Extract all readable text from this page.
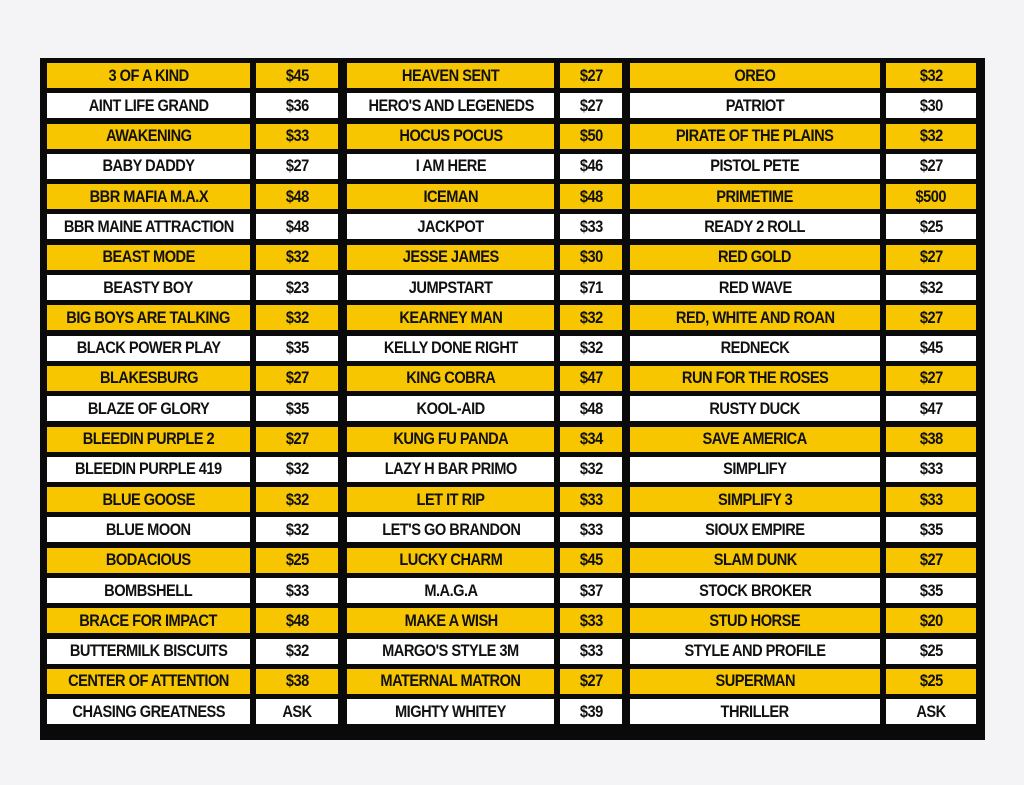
3 OF A KIND	$45
AINT LIFE GRAND	$36
AWAKENING	$33
BABY DADDY	$27
BBR MAFIA M.A.X	$48
BBR MAINE ATTRACTION	$48
BEAST MODE	$32
BEASTY BOY	$23
BIG BOYS ARE TALKING	$32
BLACK POWER PLAY	$35
BLAKESBURG	$27
BLAZE OF GLORY	$35
BLEEDIN PURPLE 2	$27
BLEEDIN PURPLE 419	$32
BLUE GOOSE	$32
BLUE MOON	$32
BODACIOUS	$25
BOMBSHELL	$33
BRACE FOR IMPACT	$48
BUTTERMILK BISCUITS	$32
CENTER OF ATTENTION	$38
CHASING GREATNESS	ASK
HEAVEN SENT	$27
HERO'S AND LEGENEDS	$27
HOCUS POCUS	$50
I AM HERE	$46
ICEMAN	$48
JACKPOT	$33
JESSE JAMES	$30
JUMPSTART	$71
KEARNEY MAN	$32
KELLY DONE RIGHT	$32
KING COBRA	$47
KOOL-AID	$48
KUNG FU PANDA	$34
LAZY H BAR PRIMO	$32
LET IT RIP	$33
LET'S GO BRANDON	$33
LUCKY CHARM	$45
M.A.G.A	$37
MAKE A WISH	$33
MARGO'S STYLE 3M	$33
MATERNAL MATRON	$27
MIGHTY WHITEY	$39
OREO	$32
PATRIOT	$30
PIRATE OF THE PLAINS	$32
PISTOL PETE	$27
PRIMETIME	$500
READY 2 ROLL	$25
RED GOLD	$27
RED WAVE	$32
RED, WHITE AND ROAN	$27
REDNECK	$45
RUN FOR THE ROSES	$27
RUSTY DUCK	$47
SAVE AMERICA	$38
SIMPLIFY	$33
SIMPLIFY 3	$33
SIOUX EMPIRE	$35
SLAM DUNK	$27
STOCK BROKER	$35
STUD HORSE	$20
STYLE AND PROFILE	$25
SUPERMAN	$25
THRILLER	ASK
